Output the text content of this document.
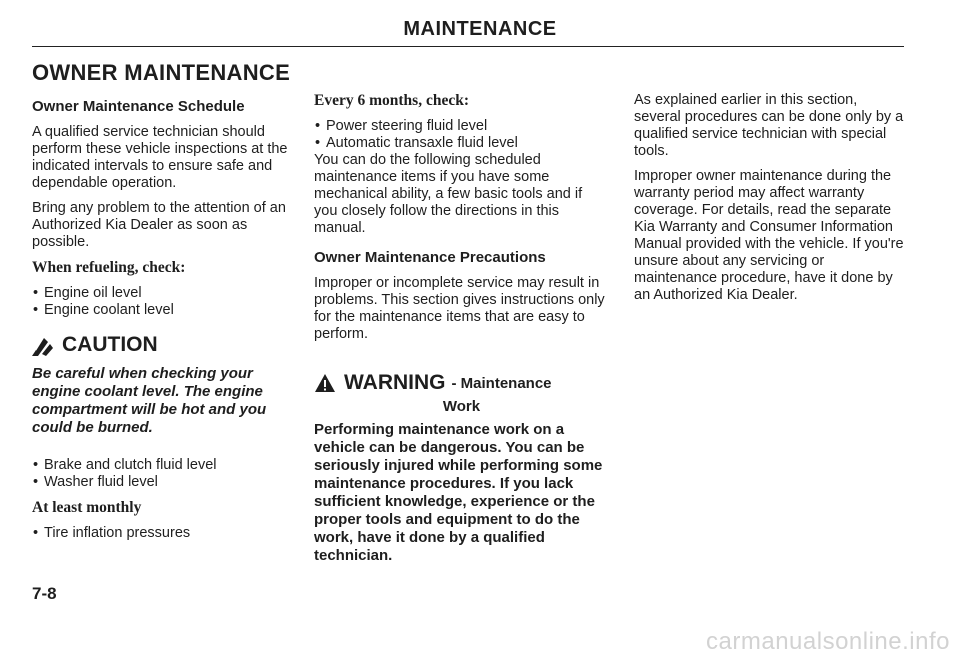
MAINTENANCE
OWNER MAINTENANCE
Owner Maintenance Schedule

A qualified service technician should perform these vehicle inspections at the indicated intervals to ensure safe and dependable operation.

Bring any problem to the attention of an Authorized Kia Dealer as soon as possible.

When refueling, check:
• Engine oil level
• Engine coolant level
CAUTION
Be careful when checking your engine coolant level. The engine compartment will be hot and you could be burned.
• Brake and clutch fluid level
• Washer fluid level
At least monthly
• Tire inflation pressures
Every 6 months, check:
• Power steering fluid level
• Automatic transaxle fluid level

You can do the following scheduled maintenance items if you have some mechanical ability, a few basic tools and if you closely follow the directions in this manual.

Owner Maintenance Precautions

Improper or incomplete service may result in problems. This section gives instructions only for the maintenance items that are easy to perform.

WARNING - Maintenance
Work
Performing maintenance work on a vehicle can be dangerous. You can be seriously injured while performing some maintenance procedures. If you lack sufficient knowledge, experience or the proper tools and equipment to do the work, have it done by a qualified technician.

As explained earlier in this section, several procedures can be done only by a qualified service technician with special tools.

Improper owner maintenance during the warranty period may affect warranty coverage. For details, read the separate Kia Warranty and Consumer Information Manual provided with the vehicle. If you're unsure about any servicing or maintenance procedure, have it done by an Authorized Kia Dealer.

7-8
carmanualsonline.info
